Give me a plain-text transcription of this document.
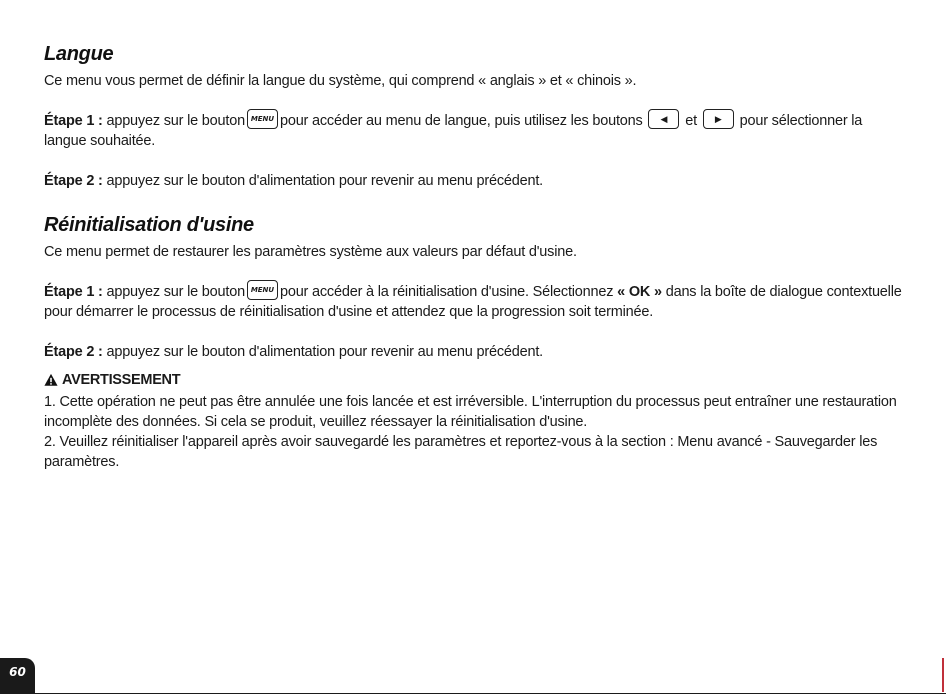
Langue

Ce menu vous permet de définir la langue du système, qui comprend « anglais » et « chinois ».

Étape 1 : appuyez sur le bouton MENU pour accéder au menu de langue, puis utilisez les boutons ◀ et ▶ pour sélectionner la langue souhaitée.

Étape 2 : appuyez sur le bouton d'alimentation pour revenir au menu précédent.

Réinitialisation d'usine

Ce menu permet de restaurer les paramètres système aux valeurs par défaut d'usine.

Étape 1 : appuyez sur le bouton MENU pour accéder à la réinitialisation d'usine. Sélectionnez « OK » dans la boîte de dialogue contextuelle pour démarrer le processus de réinitialisation d'usine et attendez que la progression soit terminée.

Étape 2 : appuyez sur le bouton d'alimentation pour revenir au menu précédent.

AVERTISSEMENT

1. Cette opération ne peut pas être annulée une fois lancée et est irréversible. L'interruption du processus peut entraîner une restauration incomplète des données. Si cela se produit, veuillez réessayer la réinitialisation d'usine.

2. Veuillez réinitialiser l'appareil après avoir sauvegardé les paramètres et reportez-vous à la section : Menu avancé - Sauvegarder les paramètres.

60
